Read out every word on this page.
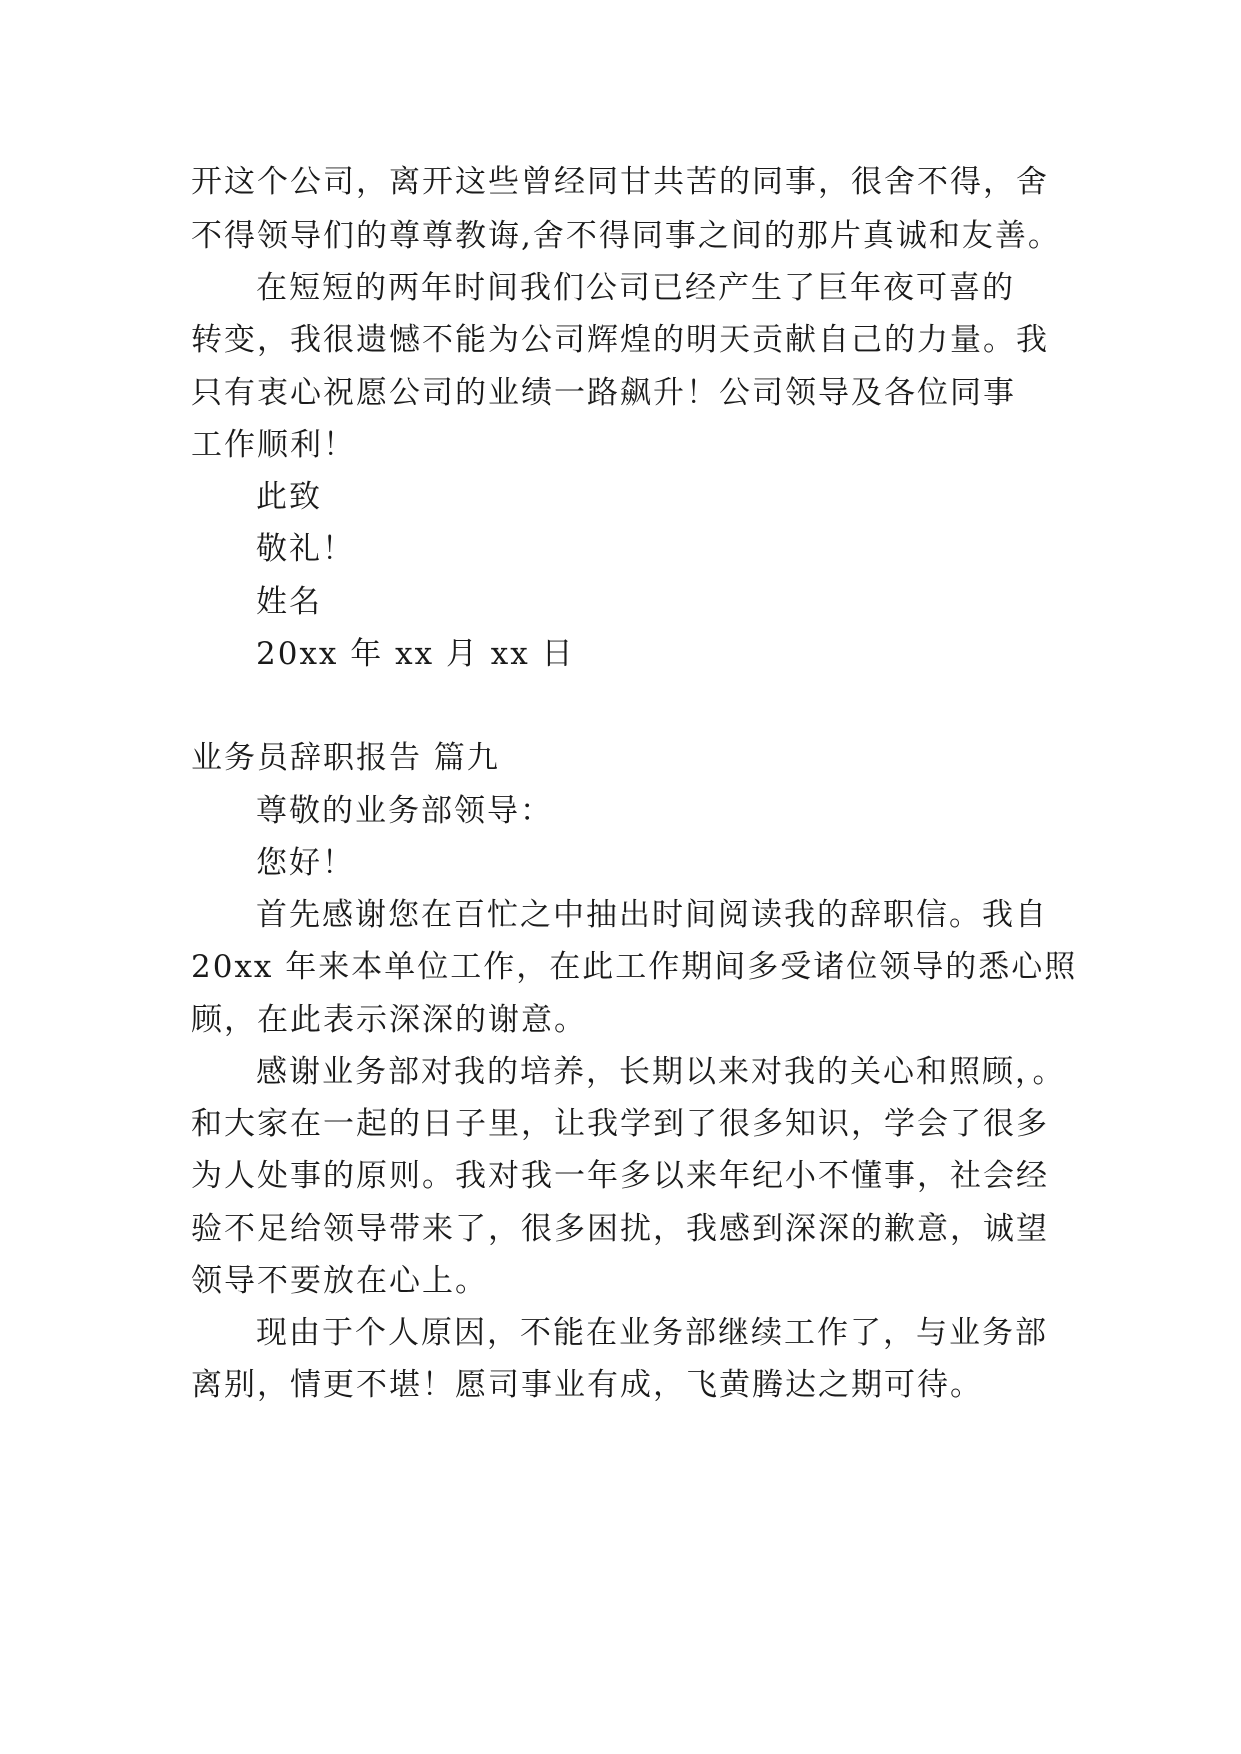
开这个公司，离开这些曾经同甘共苦的同事，很舍不得，舍
不得领导们的尊尊教诲,舍不得同事之间的那片真诚和友善。
在短短的两年时间我们公司已经产生了巨年夜可喜的
转变，我很遗憾不能为公司辉煌的明天贡献自己的力量。我
只有衷心祝愿公司的业绩一路飙升！公司领导及各位同事
工作顺利！
此致
敬礼！
姓名
20xx 年 xx 月 xx 日
业务员辞职报告 篇九
尊敬的业务部领导：
您好！
首先感谢您在百忙之中抽出时间阅读我的辞职信。我自
20xx 年来本单位工作，在此工作期间多受诸位领导的悉心照
顾，在此表示深深的谢意。
感谢业务部对我的培养，长期以来对我的关心和照顾，。
和大家在一起的日子里，让我学到了很多知识，学会了很多
为人处事的原则。我对我一年多以来年纪小不懂事，社会经
验不足给领导带来了，很多困扰，我感到深深的歉意，诚望
领导不要放在心上。
现由于个人原因，不能在业务部继续工作了，与业务部
离别，情更不堪！愿司事业有成，飞黄腾达之期可待。
